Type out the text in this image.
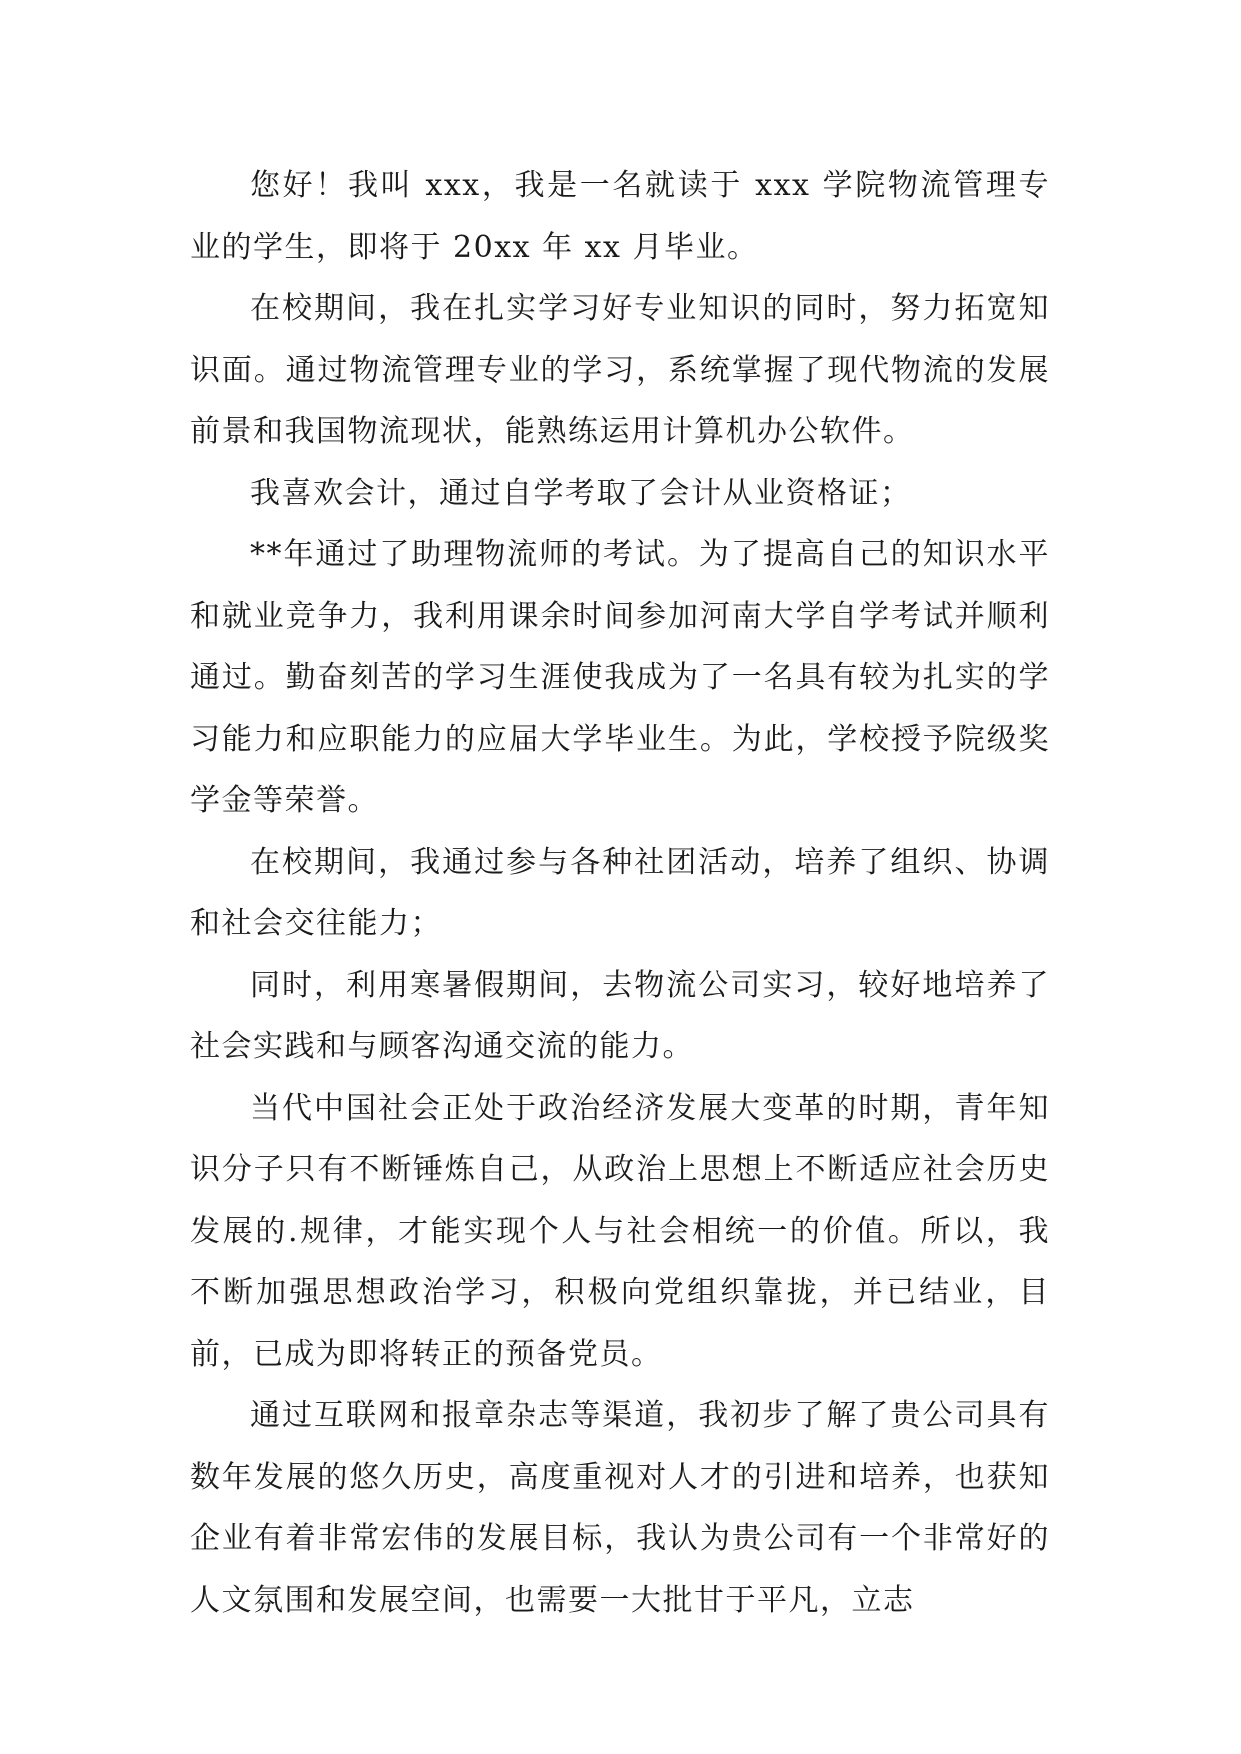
您好！我叫 xxx，我是一名就读于 xxx 学院物流管理专业的学生，即将于 20xx 年 xx 月毕业。

在校期间，我在扎实学习好专业知识的同时，努力拓宽知识面。通过物流管理专业的学习，系统掌握了现代物流的发展前景和我国物流现状，能熟练运用计算机办公软件。

我喜欢会计，通过自学考取了会计从业资格证；

**年通过了助理物流师的考试。为了提高自己的知识水平和就业竞争力，我利用课余时间参加河南大学自学考试并顺利通过。勤奋刻苦的学习生涯使我成为了一名具有较为扎实的学习能力和应职能力的应届大学毕业生。为此，学校授予院级奖学金等荣誉。

在校期间，我通过参与各种社团活动，培养了组织、协调和社会交往能力；

同时，利用寒暑假期间，去物流公司实习，较好地培养了社会实践和与顾客沟通交流的能力。

当代中国社会正处于政治经济发展大变革的时期，青年知识分子只有不断锤炼自己，从政治上思想上不断适应社会历史发展的.规律，才能实现个人与社会相统一的价值。所以，我不断加强思想政治学习，积极向党组织靠拢，并已结业，目前，已成为即将转正的预备党员。

通过互联网和报章杂志等渠道，我初步了解了贵公司具有数年发展的悠久历史，高度重视对人才的引进和培养，也获知企业有着非常宏伟的发展目标，我认为贵公司有一个非常好的人文氛围和发展空间，也需要一大批甘于平凡，立志
